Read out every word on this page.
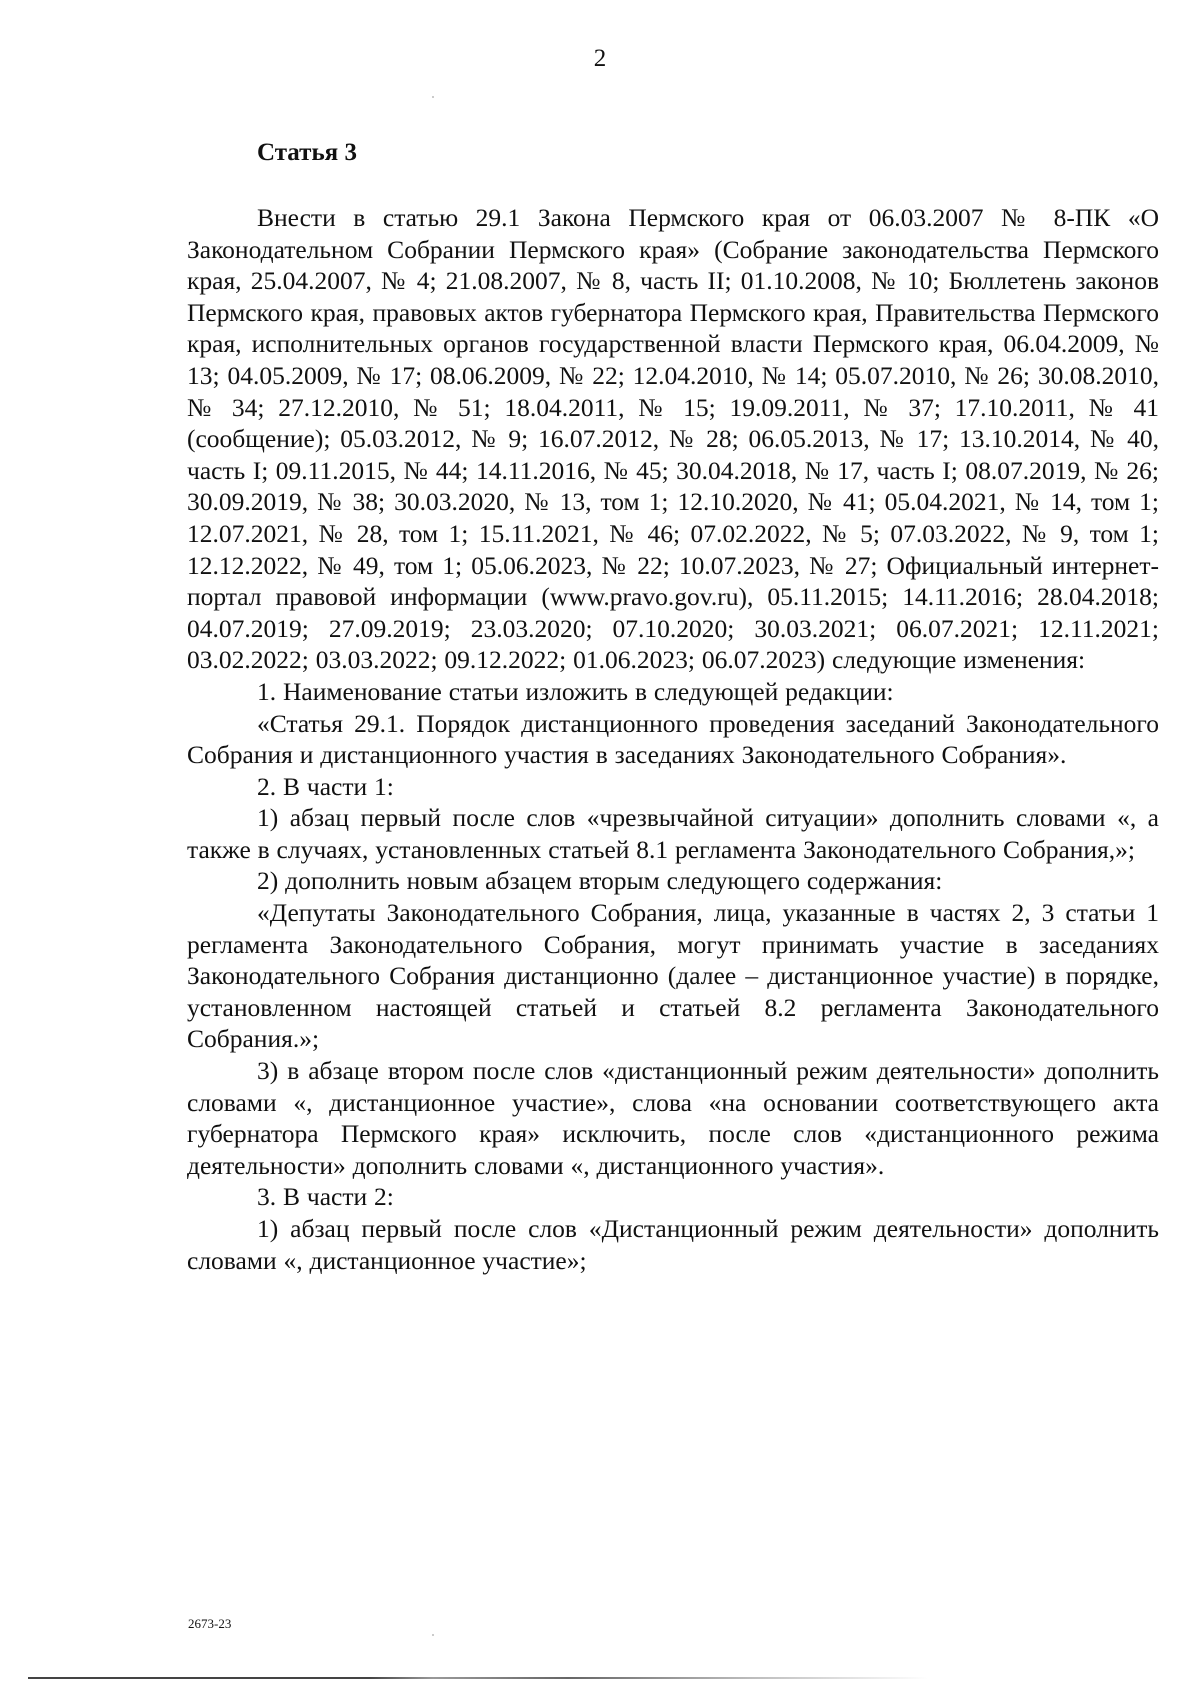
2
Статья 3

Внести в статью 29.1 Закона Пермского края от 06.03.2007 № 8-ПК «О Законодательном Собрании Пермского края» (Собрание законодательства Пермского края, 25.04.2007, № 4; 21.08.2007, № 8, часть II; 01.10.2008, № 10; Бюллетень законов Пермского края, правовых актов губернатора Пермского края, Правительства Пермского края, исполнительных органов государственной власти Пермского края, 06.04.2009, № 13; 04.05.2009, № 17; 08.06.2009, № 22; 12.04.2010, № 14; 05.07.2010, № 26; 30.08.2010, № 34; 27.12.2010, № 51; 18.04.2011, № 15; 19.09.2011, № 37; 17.10.2011, № 41 (сообщение); 05.03.2012, № 9; 16.07.2012, № 28; 06.05.2013, № 17; 13.10.2014, № 40, часть I; 09.11.2015, № 44; 14.11.2016, № 45; 30.04.2018, № 17, часть I; 08.07.2019, № 26; 30.09.2019, № 38; 30.03.2020, № 13, том 1; 12.10.2020, № 41; 05.04.2021, № 14, том 1; 12.07.2021, № 28, том 1; 15.11.2021, № 46; 07.02.2022, № 5; 07.03.2022, № 9, том 1; 12.12.2022, № 49, том 1; 05.06.2023, № 22; 10.07.2023, № 27; Официальный интернет-портал правовой информации (www.pravo.gov.ru), 05.11.2015; 14.11.2016; 28.04.2018; 04.07.2019; 27.09.2019; 23.03.2020; 07.10.2020; 30.03.2021; 06.07.2021; 12.11.2021; 03.02.2022; 03.03.2022; 09.12.2022; 01.06.2023; 06.07.2023) следующие изменения:

1. Наименование статьи изложить в следующей редакции:

«Статья 29.1. Порядок дистанционного проведения заседаний Законодательного Собрания и дистанционного участия в заседаниях Законодательного Собрания».

2. В части 1:

1) абзац первый после слов «чрезвычайной ситуации» дополнить словами «, а также в случаях, установленных статьей 8.1 регламента Законодательного Собрания,»;

2) дополнить новым абзацем вторым следующего содержания:

«Депутаты Законодательного Собрания, лица, указанные в частях 2, 3 статьи 1 регламента Законодательного Собрания, могут принимать участие в заседаниях Законодательного Собрания дистанционно (далее – дистанционное участие) в порядке, установленном настоящей статьей и статьей 8.2 регламента Законодательного Собрания.»;

3) в абзаце втором после слов «дистанционный режим деятельности» дополнить словами «, дистанционное участие», слова «на основании соответствующего акта губернатора Пермского края» исключить, после слов «дистанционного режима деятельности» дополнить словами «, дистанционного участия».

3. В части 2:

1) абзац первый после слов «Дистанционный режим деятельности» дополнить словами «, дистанционное участие»;

2673-23
